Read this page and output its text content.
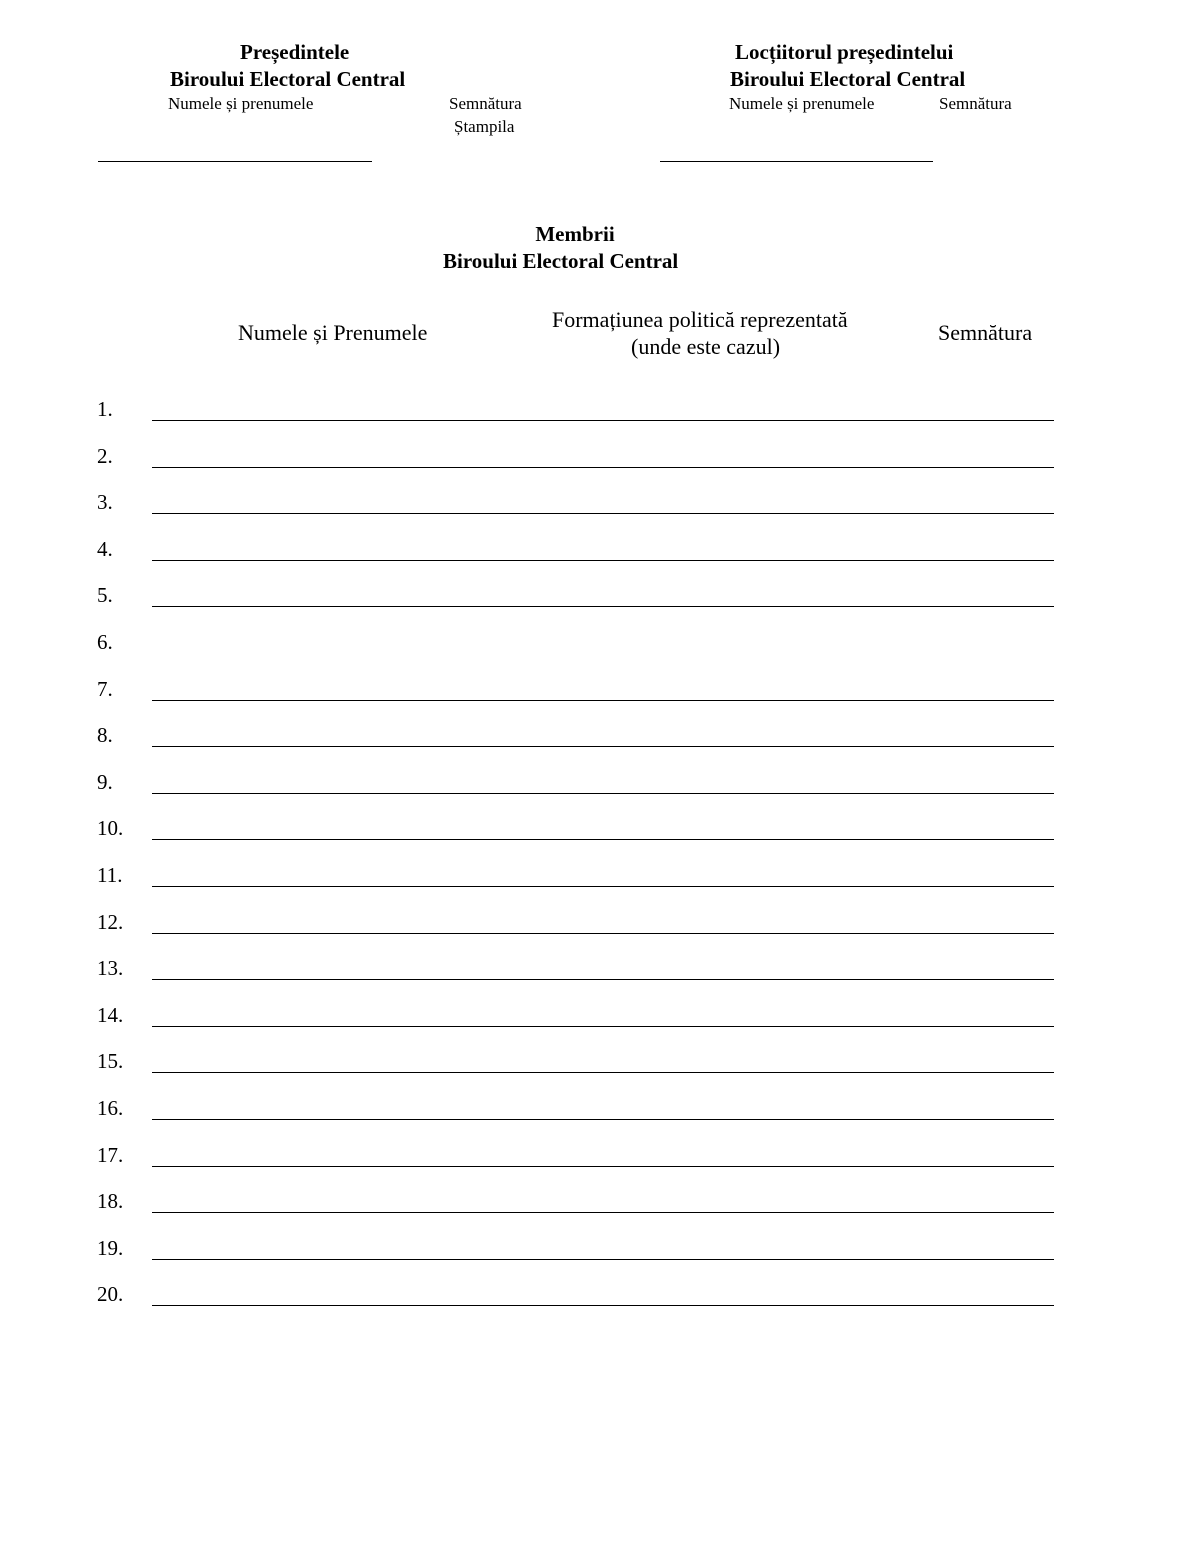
Președintele
Biroului Electoral Central
Numele și prenumele	Semnătura
Ștampila
Locțiitorul președintelui
Biroului Electoral Central
Numele și prenumele	Semnătura
Membrii
Biroului Electoral Central
Numele și Prenumele
Formațiunea politică reprezentată
(unde este cazul)
Semnătura
1.
2.
3.
4.
5.
6.
7.
8.
9.
10.
11.
12.
13.
14.
15.
16.
17.
18.
19.
20.
